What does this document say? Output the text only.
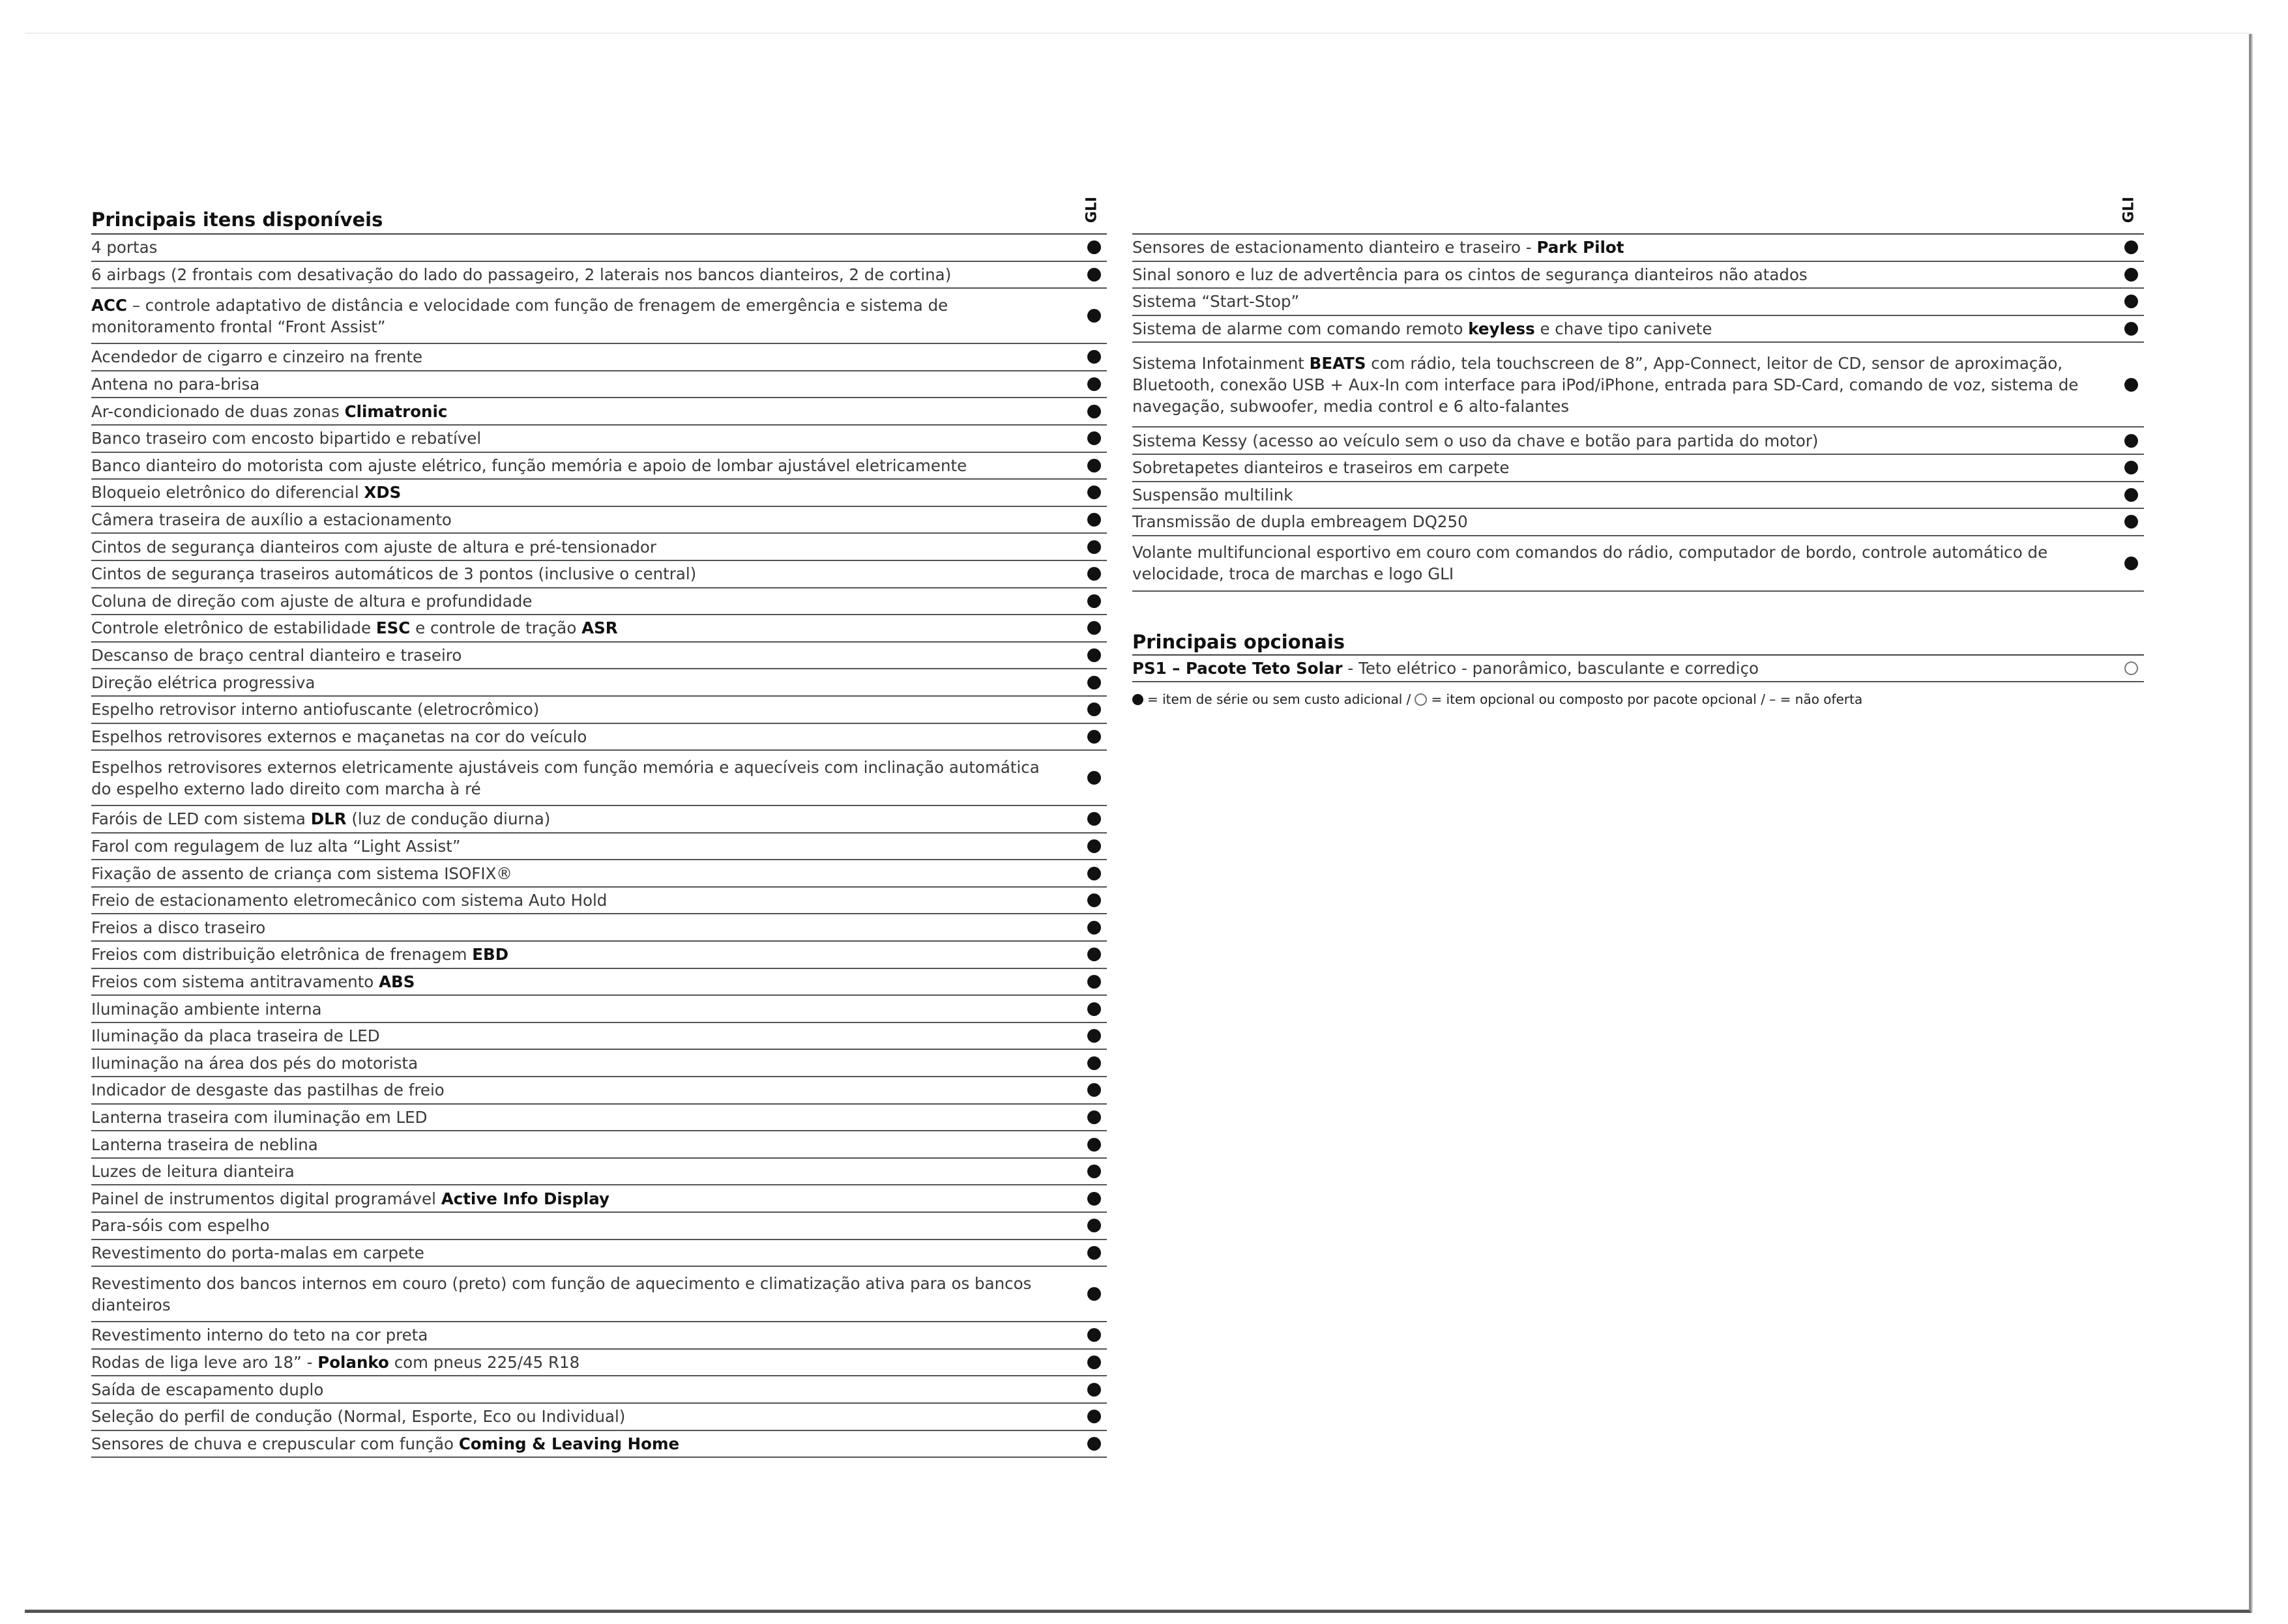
Principais itens disponíveis	GLI
4 portas
6 airbags (2 frontais com desativação do lado do passageiro, 2 laterais nos bancos dianteiros, 2 de cortina)
ACC – controle adaptativo de distância e velocidade com função de frenagem de emergência e sistema de monitoramento frontal “Front Assist”
Acendedor de cigarro e cinzeiro na frente
Antena no para-brisa
Ar-condicionado de duas zonas Climatronic
Banco traseiro com encosto bipartido e rebatível
Banco dianteiro do motorista com ajuste elétrico, função memória e apoio de lombar ajustável eletricamente
Bloqueio eletrônico do diferencial XDS
Câmera traseira de auxílio a estacionamento
Cintos de segurança dianteiros com ajuste de altura e pré-tensionador
Cintos de segurança traseiros automáticos de 3 pontos (inclusive o central)
Coluna de direção com ajuste de altura e profundidade
Controle eletrônico de estabilidade ESC e controle de tração ASR
Descanso de braço central dianteiro e traseiro
Direção elétrica progressiva
Espelho retrovisor interno antiofuscante (eletrocrômico)
Espelhos retrovisores externos e maçanetas na cor do veículo
Espelhos retrovisores externos eletricamente ajustáveis com função memória e aquecíveis com inclinação automática do espelho externo lado direito com marcha à ré
Faróis de LED com sistema DLR (luz de condução diurna)
Farol com regulagem de luz alta “Light Assist”
Fixação de assento de criança com sistema ISOFIX®
Freio de estacionamento eletromecânico com sistema Auto Hold
Freios a disco traseiro
Freios com distribuição eletrônica de frenagem EBD
Freios com sistema antitravamento ABS
Iluminação ambiente interna
Iluminação da placa traseira de LED
Iluminação na área dos pés do motorista
Indicador de desgaste das pastilhas de freio
Lanterna traseira com iluminação em LED
Lanterna traseira de neblina
Luzes de leitura dianteira
Painel de instrumentos digital programável Active Info Display
Para-sóis com espelho
Revestimento do porta-malas em carpete
Revestimento dos bancos internos em couro (preto) com função de aquecimento e climatização ativa para os bancos dianteiros
Revestimento interno do teto na cor preta
Rodas de liga leve aro 18” - Polanko com pneus 225/45 R18
Saída de escapamento duplo
Seleção do perfil de condução (Normal, Esporte, Eco ou Individual)
Sensores de chuva e crepuscular com função Coming & Leaving Home
GLI
Sensores de estacionamento dianteiro e traseiro - Park Pilot
Sinal sonoro e luz de advertência para os cintos de segurança dianteiros não atados
Sistema “Start-Stop”
Sistema de alarme com comando remoto keyless e chave tipo canivete
Sistema Infotainment BEATS com rádio, tela touchscreen de 8”, App-Connect, leitor de CD, sensor de aproximação, Bluetooth, conexão USB + Aux-In com interface para iPod/iPhone, entrada para SD-Card, comando de voz, sistema de navegação, subwoofer, media control e 6 alto-falantes
Sistema Kessy (acesso ao veículo sem o uso da chave e botão para partida do motor)
Sobretapetes dianteiros e traseiros em carpete
Suspensão multilink
Transmissão de dupla embreagem DQ250
Volante multifuncional esportivo em couro com comandos do rádio, computador de bordo, controle automático de velocidade, troca de marchas e logo GLI
Principais opcionais
PS1 – Pacote Teto Solar - Teto elétrico - panorâmico, basculante e corrediço
= item de série ou sem custo adicional / = item opcional ou composto por pacote opcional / – = não oferta
